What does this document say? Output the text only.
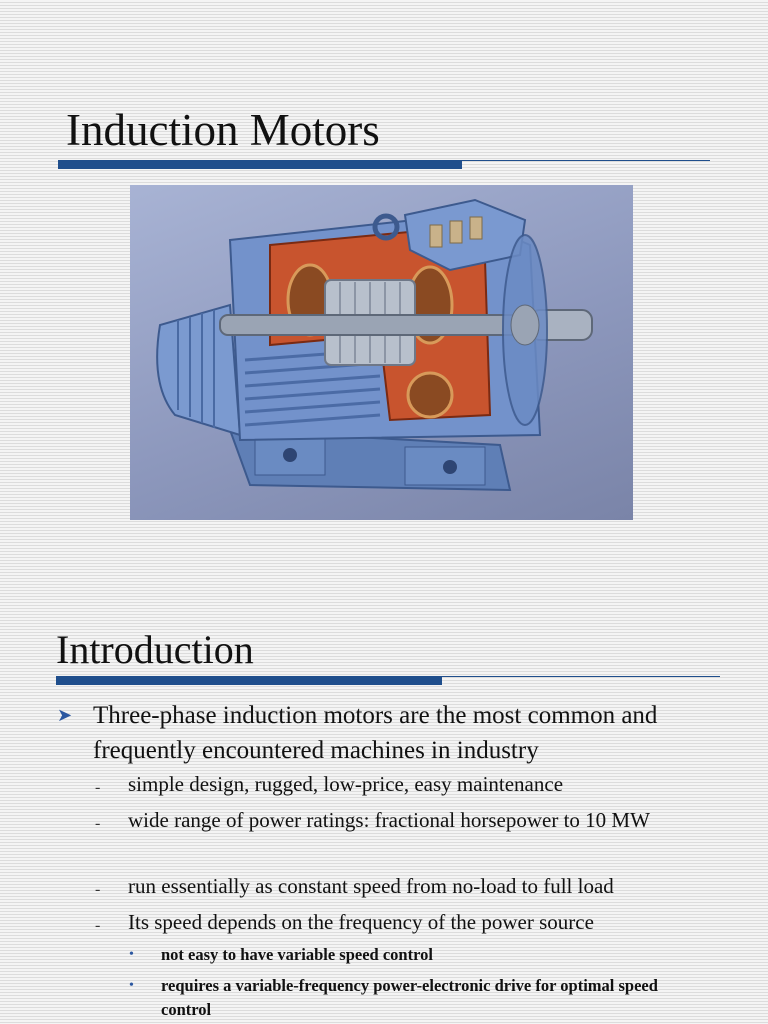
Induction Motors
Introduction
➤ Three-phase induction motors are the most common and frequently encountered machines in industry
- simple design, rugged, low-price, easy maintenance
- wide range of power ratings: fractional horsepower to 10 MW
- run essentially as constant speed from no-load to full load
- Its speed depends on the frequency of the power source
• not easy to have variable speed control
• requires a variable-frequency power-electronic drive for optimal speed control
